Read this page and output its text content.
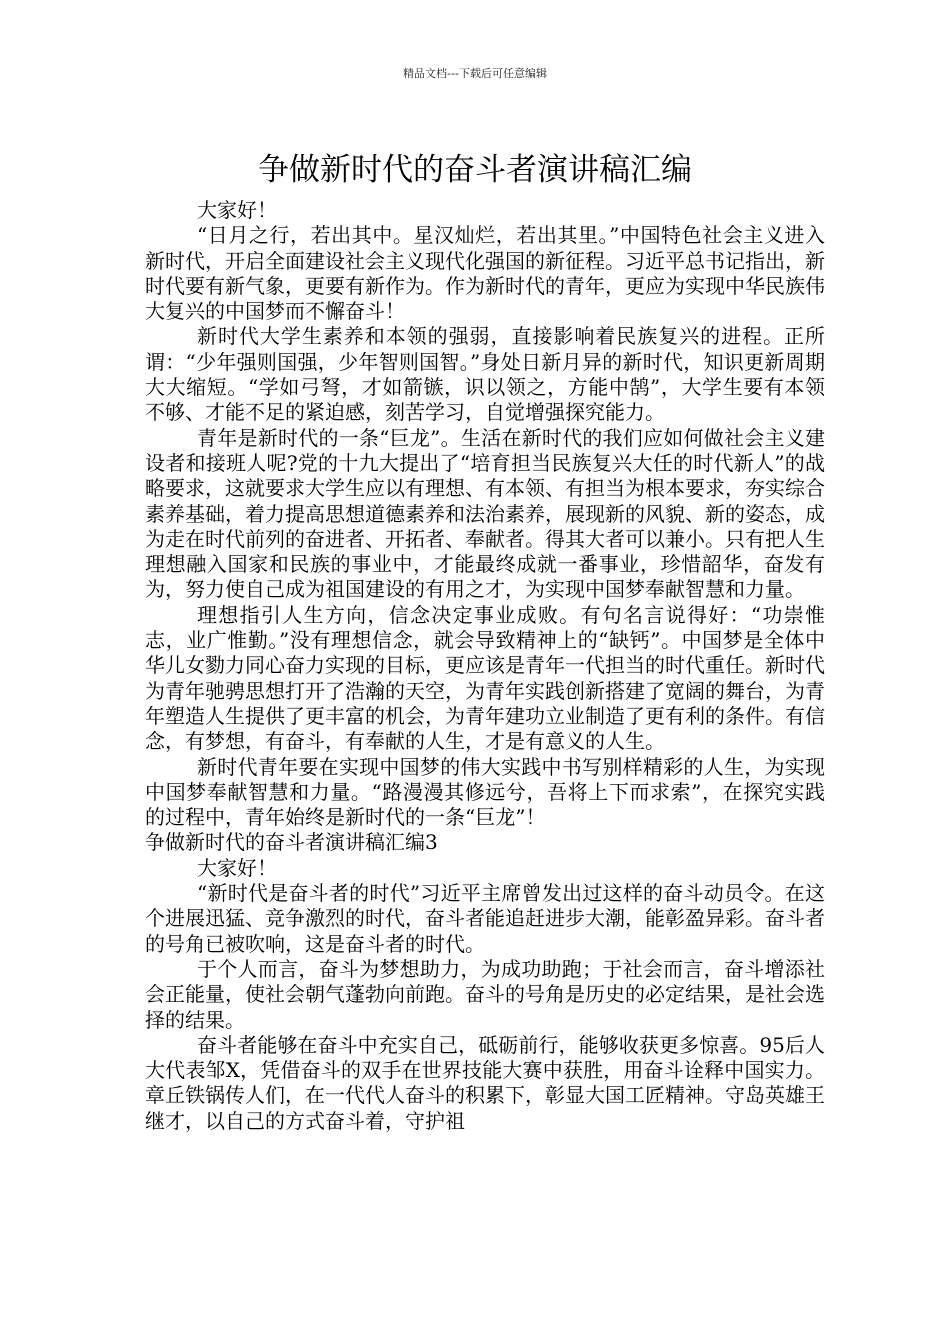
精品文档---下载后可任意编辑
争做新时代的奋斗者演讲稿汇编

大家好！

“日月之行，若出其中。星汉灿烂，若出其里。”中国特色社会主义进入新时代，开启全面建设社会主义现代化强国的新征程。习近平总书记指出，新时代要有新气象，更要有新作为。作为新时代的青年，更应为实现中华民族伟大复兴的中国梦而不懈奋斗！

新时代大学生素养和本领的强弱，直接影响着民族复兴的进程。正所谓：“少年强则国强，少年智则国智。”身处日新月异的新时代，知识更新周期大大缩短。“学如弓弩，才如箭镞，识以领之，方能中鹄”，大学生要有本领不够、才能不足的紧迫感，刻苦学习，自觉增强探究能力。

青年是新时代的一条“巨龙”。生活在新时代的我们应如何做社会主义建设者和接班人呢?党的十九大提出了“培育担当民族复兴大任的时代新人”的战略要求，这就要求大学生应以有理想、有本领、有担当为根本要求，夯实综合素养基础，着力提高思想道德素养和法治素养，展现新的风貌、新的姿态，成为走在时代前列的奋进者、开拓者、奉献者。得其大者可以兼小。只有把人生理想融入国家和民族的事业中，才能最终成就一番事业，珍惜韶华，奋发有为，努力使自己成为祖国建设的有用之才，为实现中国梦奉献智慧和力量。

理想指引人生方向，信念决定事业成败。有句名言说得好：“功崇惟志，业广惟勤。”没有理想信念，就会导致精神上的“缺钙”。中国梦是全体中华儿女勠力同心奋力实现的目标，更应该是青年一代担当的时代重任。新时代为青年驰骋思想打开了浩瀚的天空，为青年实践创新搭建了宽阔的舞台，为青年塑造人生提供了更丰富的机会，为青年建功立业制造了更有利的条件。有信念，有梦想，有奋斗，有奉献的人生，才是有意义的人生。

新时代青年要在实现中国梦的伟大实践中书写别样精彩的人生，为实现中国梦奉献智慧和力量。“路漫漫其修远兮，吾将上下而求索”，在探究实践的过程中，青年始终是新时代的一条“巨龙”！

争做新时代的奋斗者演讲稿汇编3

大家好！

“新时代是奋斗者的时代”习近平主席曾发出过这样的奋斗动员令。在这个进展迅猛、竞争激烈的时代，奋斗者能追赶进步大潮，能彰盈异彩。奋斗者的号角已被吹响，这是奋斗者的时代。

于个人而言，奋斗为梦想助力，为成功助跑；于社会而言，奋斗增添社会正能量，使社会朝气蓬勃向前跑。奋斗的号角是历史的必定结果，是社会选择的结果。

奋斗者能够在奋斗中充实自己，砥砺前行，能够收获更多惊喜。95后人大代表邹X，凭借奋斗的双手在世界技能大赛中获胜，用奋斗诠释中国实力。章丘铁锅传人们，在一代代人奋斗的积累下，彰显大国工匠精神。守岛英雄王继才，以自己的方式奋斗着，守护祖
